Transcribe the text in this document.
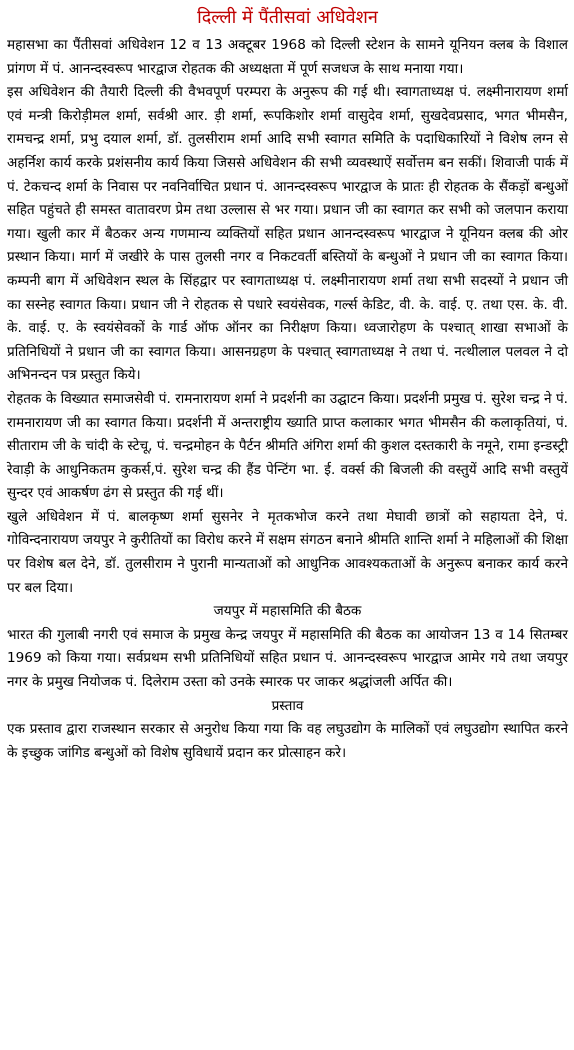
दिल्ली में पैंतीसवां अधिवेशन

महासभा का पैंतीसवां अधिवेशन 12 व 13 अक्टूबर 1968 को दिल्ली स्टेशन के सामने यूनियन क्लब के विशाल प्रांगण में पं. आनन्दस्वरूप भारद्वाज रोहतक की अध्यक्षता में पूर्ण सजधज के साथ मनाया गया।

इस अधिवेशन की तैयारी दिल्ली की वैभवपूर्ण परम्परा के अनुरूप की गई थी। स्वागताध्यक्ष पं. लक्ष्मीनारायण शर्मा एवं मन्त्री किरोड़ीमल शर्मा, सर्वश्री आर. ड़ी शर्मा, रूपकिशोर शर्मा वासुदेव शर्मा, सुखदेवप्रसाद, भगत भीमसैन, रामचन्द्र शर्मा, प्रभु दयाल शर्मा, डॉ. तुलसीराम शर्मा आदि सभी स्वागत समिति के पदाधिकारियों ने विशेष लग्न से अहर्निश कार्य करके प्रशंसनीय कार्य किया जिससे अधिवेशन की सभी व्यवस्थाऐं सर्वोत्तम बन सकीं। शिवाजी पार्क में पं. टेकचन्द शर्मा के निवास पर नवनिर्वाचित प्रधान पं. आनन्दस्वरूप भारद्वाज के प्रातः ही रोहतक के सैंकड़ों बन्धुओं सहित पहुंचते ही समस्त वातावरण प्रेम तथा उल्लास से भर गया। प्रधान जी का स्वागत कर सभी को जलपान कराया गया। खुली कार में बैठकर अन्य गणमान्य व्यक्तियों सहित प्रधान आनन्दस्वरूप भारद्वाज ने यूनियन क्लब की ओर प्रस्थान किया। मार्ग में जखीरे के पास तुलसी नगर व निकटवर्ती बस्तियों के बन्धुओं ने प्रधान जी का स्वागत किया। कम्पनी बाग में अधिवेशन स्थल के सिंहद्वार पर स्वागताध्यक्ष पं. लक्ष्मीनारायण शर्मा तथा सभी सदस्यों ने प्रधान जी का सस्नेह स्वागत किया। प्रधान जी ने रोहतक से पधारे स्वयंसेवक, गर्ल्स केडिट, वी. के. वाई. ए. तथा एस. के. वी. के. वाई. ए. के स्वयंसेवकों के गार्ड ऑफ ऑनर का निरीक्षण किया। ध्वजारोहण के पश्चात् शाखा सभाओं के प्रतिनिधियों ने प्रधान जी का स्वागत किया। आसनग्रहण के पश्चात् स्वागताध्यक्ष ने तथा पं. नत्थीलाल पलवल ने दो अभिनन्दन पत्र प्रस्तुत किये।

रोहतक के विख्यात समाजसेवी पं. रामनारायण शर्मा ने प्रदर्शनी का उद्घाटन किया। प्रदर्शनी प्रमुख पं. सुरेश चन्द्र ने पं. रामनारायण जी का स्वागत किया। प्रदर्शनी में अन्तराष्ट्रीय ख्याति प्राप्त कलाकार भगत भीमसैन की कलाकृतियां, पं. सीताराम जी के चांदी के स्टेचू, पं. चन्द्रमोहन के पैर्टन श्रीमति अंगिरा शर्मा की कुशल दस्तकारी के नमूने, रामा इन्डस्ट्री रेवाड़ी के आधुनिकतम कुकर्स,पं. सुरेश चन्द्र की हैंड पेन्टिंग भा. ई. वर्क्स की बिजली की वस्तुयें आदि सभी वस्तुयें सुन्दर एवं आकर्षण ढंग से प्रस्तुत की गई थीं।

खुले अधिवेशन में पं. बालकृष्ण शर्मा सुसनेर ने मृतकभोज करने तथा मेघावी छात्रों को सहायता देने, पं. गोविन्दनारायण जयपुर ने कुरीतियों का विरोध करने में सक्षम संगठन बनाने श्रीमति शान्ति शर्मा ने महिलाओं की शिक्षा पर विशेष बल देने, डॉ. तुलसीराम ने पुरानी मान्यताओं को आधुनिक आवश्यकताओं के अनुरूप बनाकर कार्य करने पर बल दिया।

जयपुर में महासमिति की बैठक

भारत की गुलाबी नगरी एवं समाज के प्रमुख केन्द्र जयपुर में महासमिति की बैठक का आयोजन 13 व 14 सितम्बर 1969 को किया गया। सर्वप्रथम सभी प्रतिनिधियों सहित प्रधान पं. आनन्दस्वरूप भारद्वाज आमेर गये तथा जयपुर नगर के प्रमुख नियोजक पं. दिलेराम उस्ता को उनके स्मारक पर जाकर श्रद्धांजली अर्पित की।

प्रस्ताव

एक प्रस्ताव द्वारा राजस्थान सरकार से अनुरोध किया गया कि वह लघुउद्योग के मालिकों एवं लघुउद्योग स्थापित करने के इच्छुक जांगिड बन्धुओं को विशेष सुविधायें प्रदान कर प्रोत्साहन करे।
